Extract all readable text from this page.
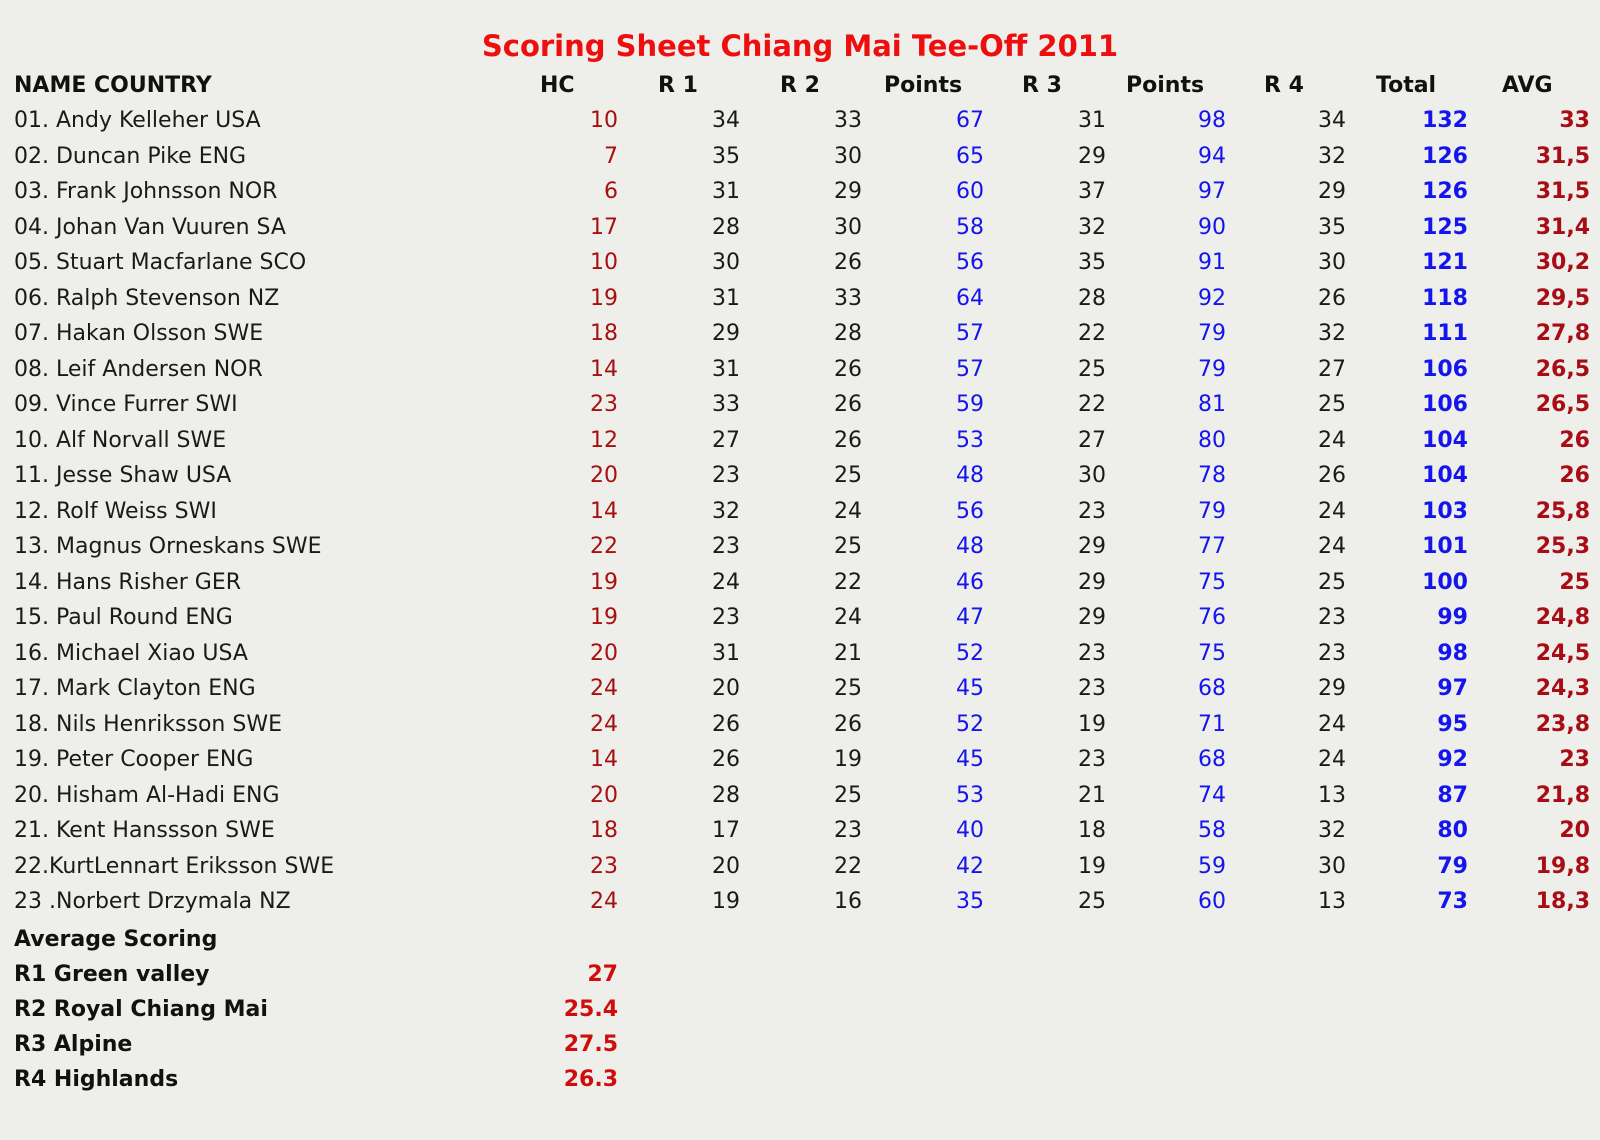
Scoring Sheet Chiang Mai Tee-Off 2011
NAME COUNTRY	HC	R 1	R 2	Points	R 3	Points	R 4	Total	AVG
01. Andy Kelleher USA	10	34	33	67	31	98	34	132	33
02. Duncan Pike ENG	7	35	30	65	29	94	32	126	31,5
03. Frank Johnsson NOR	6	31	29	60	37	97	29	126	31,5
04. Johan Van Vuuren SA	17	28	30	58	32	90	35	125	31,4
05. Stuart Macfarlane SCO	10	30	26	56	35	91	30	121	30,2
06. Ralph Stevenson NZ	19	31	33	64	28	92	26	118	29,5
07. Hakan Olsson SWE	18	29	28	57	22	79	32	111	27,8
08. Leif Andersen NOR	14	31	26	57	25	79	27	106	26,5
09. Vince Furrer SWI	23	33	26	59	22	81	25	106	26,5
10. Alf Norvall SWE	12	27	26	53	27	80	24	104	26
11. Jesse Shaw USA	20	23	25	48	30	78	26	104	26
12. Rolf Weiss SWI	14	32	24	56	23	79	24	103	25,8
13. Magnus Orneskans SWE	22	23	25	48	29	77	24	101	25,3
14. Hans Risher GER	19	24	22	46	29	75	25	100	25
15. Paul Round ENG	19	23	24	47	29	76	23	99	24,8
16. Michael Xiao USA	20	31	21	52	23	75	23	98	24,5
17. Mark Clayton ENG	24	20	25	45	23	68	29	97	24,3
18. Nils Henriksson SWE	24	26	26	52	19	71	24	95	23,8
19. Peter Cooper ENG	14	26	19	45	23	68	24	92	23
20. Hisham Al-Hadi ENG	20	28	25	53	21	74	13	87	21,8
21. Kent Hanssson SWE	18	17	23	40	18	58	32	80	20
22.KurtLennart Eriksson SWE	23	20	22	42	19	59	30	79	19,8
23 .Norbert Drzymala NZ	24	19	16	35	25	60	13	73	18,3
Average Scoring
R1 Green valley	27
R2 Royal Chiang Mai	25.4
R3 Alpine	27.5
R4 Highlands	26.3
